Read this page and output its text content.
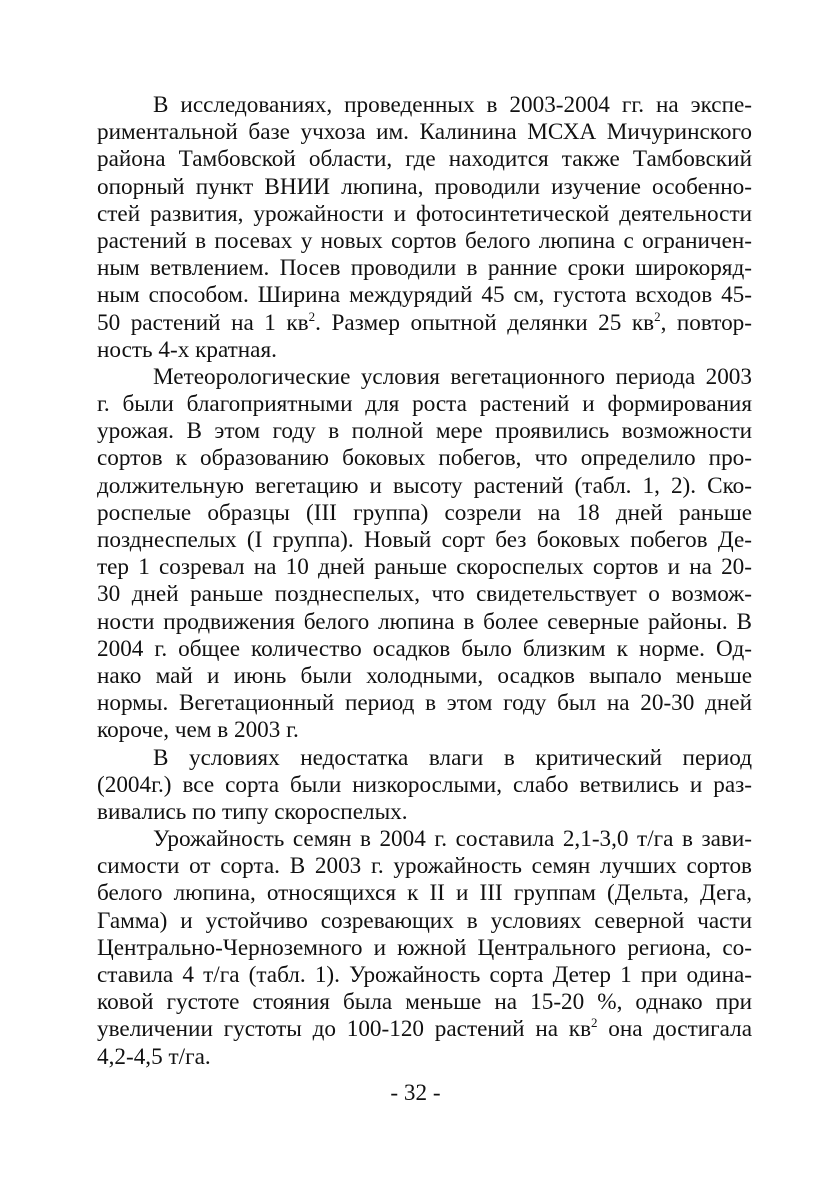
В исследованиях, проведенных в 2003-2004 гг. на экспе-
риментальной базе учхоза им. Калинина МСХА Мичуринского
района Тамбовской области, где находится также Тамбовский
опорный пункт ВНИИ люпина, проводили изучение особенно-
стей развития, урожайности и фотосинтетической деятельности
растений в посевах у новых сортов белого люпина с ограничен-
ным ветвлением. Посев проводили в ранние сроки широкоряд-
ным способом. Ширина междурядий 45 см, густота всходов 45-
50 растений на 1 $кв^2$. Размер опытной делянки 25 $кв^2$, повтор-
ность 4-х кратная.
Метеорологические условия вегетационного периода 2003
г. были благоприятными для роста растений и формирования
урожая. В этом году в полной мере проявились возможности
сортов к образованию боковых побегов, что определило про-
должительную вегетацию и высоту растений (табл. 1, 2). Ско-
роспелые образцы (III группа) созрели на 18 дней раньше
позднеспелых (I группа). Новый сорт без боковых побегов Де-
тер 1 созревал на 10 дней раньше скороспелых сортов и на 20-
30 дней раньше позднеспелых, что свидетельствует о возмож-
ности продвижения белого люпина в более северные районы. В
2004 г. общее количество осадков было близким к норме. Од-
нако май и июнь были холодными, осадков выпало меньше
нормы. Вегетационный период в этом году был на 20-30 дней
короче, чем в 2003 г.
В условиях недостатка влаги в критический период
(2004г.) все сорта были низкорослыми, слабо ветвились и раз-
вивались по типу скороспелых.
Урожайность семян в 2004 г. составила 2,1-3,0 т/га в зави-
симости от сорта. В 2003 г. урожайность семян лучших сортов
белого люпина, относящихся к II и III группам (Дельта, Дега,
Гамма) и устойчиво созревающих в условиях северной части
Центрально-Черноземного и южной Центрального региона, со-
ставила 4 т/га (табл. 1). Урожайность сорта Детер 1 при одина-
ковой густоте стояния была меньше на 15-20 %, однако при
увеличении густоты до 100-120 растений на $кв^2$ она достигала
4,2-4,5 т/га.
- 32 -
